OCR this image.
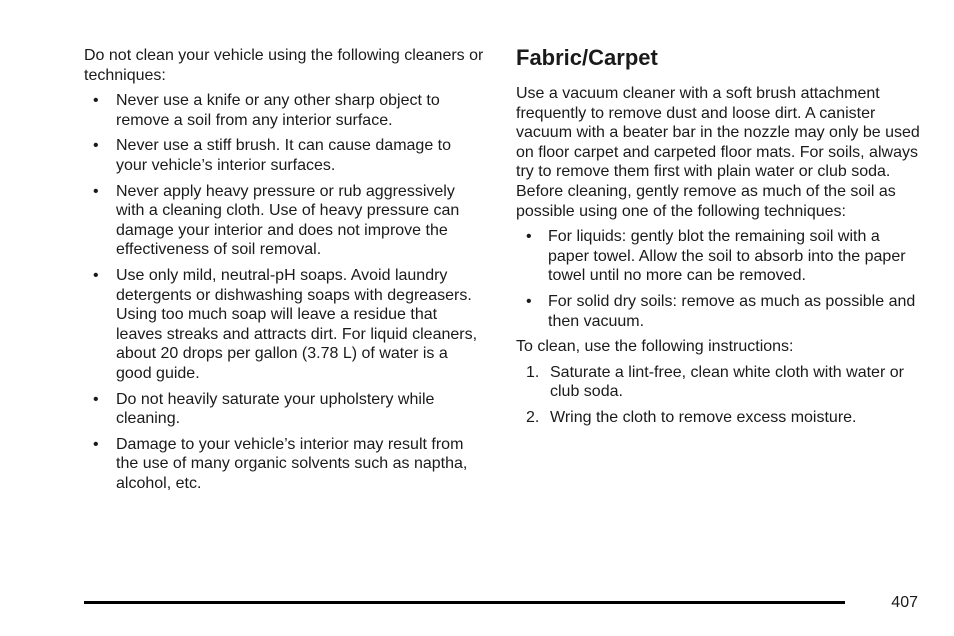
Do not clean your vehicle using the following cleaners or techniques:

• Never use a knife or any other sharp object to remove a soil from any interior surface.
• Never use a stiff brush. It can cause damage to your vehicle’s interior surfaces.
• Never apply heavy pressure or rub aggressively with a cleaning cloth. Use of heavy pressure can damage your interior and does not improve the effectiveness of soil removal.
• Use only mild, neutral-pH soaps. Avoid laundry detergents or dishwashing soaps with degreasers. Using too much soap will leave a residue that leaves streaks and attracts dirt. For liquid cleaners, about 20 drops per gallon (3.78 L) of water is a good guide.
• Do not heavily saturate your upholstery while cleaning.
• Damage to your vehicle’s interior may result from the use of many organic solvents such as naptha, alcohol, etc.
Fabric/Carpet

Use a vacuum cleaner with a soft brush attachment frequently to remove dust and loose dirt. A canister vacuum with a beater bar in the nozzle may only be used on floor carpet and carpeted floor mats. For soils, always try to remove them first with plain water or club soda. Before cleaning, gently remove as much of the soil as possible using one of the following techniques:

• For liquids: gently blot the remaining soil with a paper towel. Allow the soil to absorb into the paper towel until no more can be removed.
• For solid dry soils: remove as much as possible and then vacuum.

To clean, use the following instructions:

1. Saturate a lint-free, clean white cloth with water or club soda.
2. Wring the cloth to remove excess moisture.
407
